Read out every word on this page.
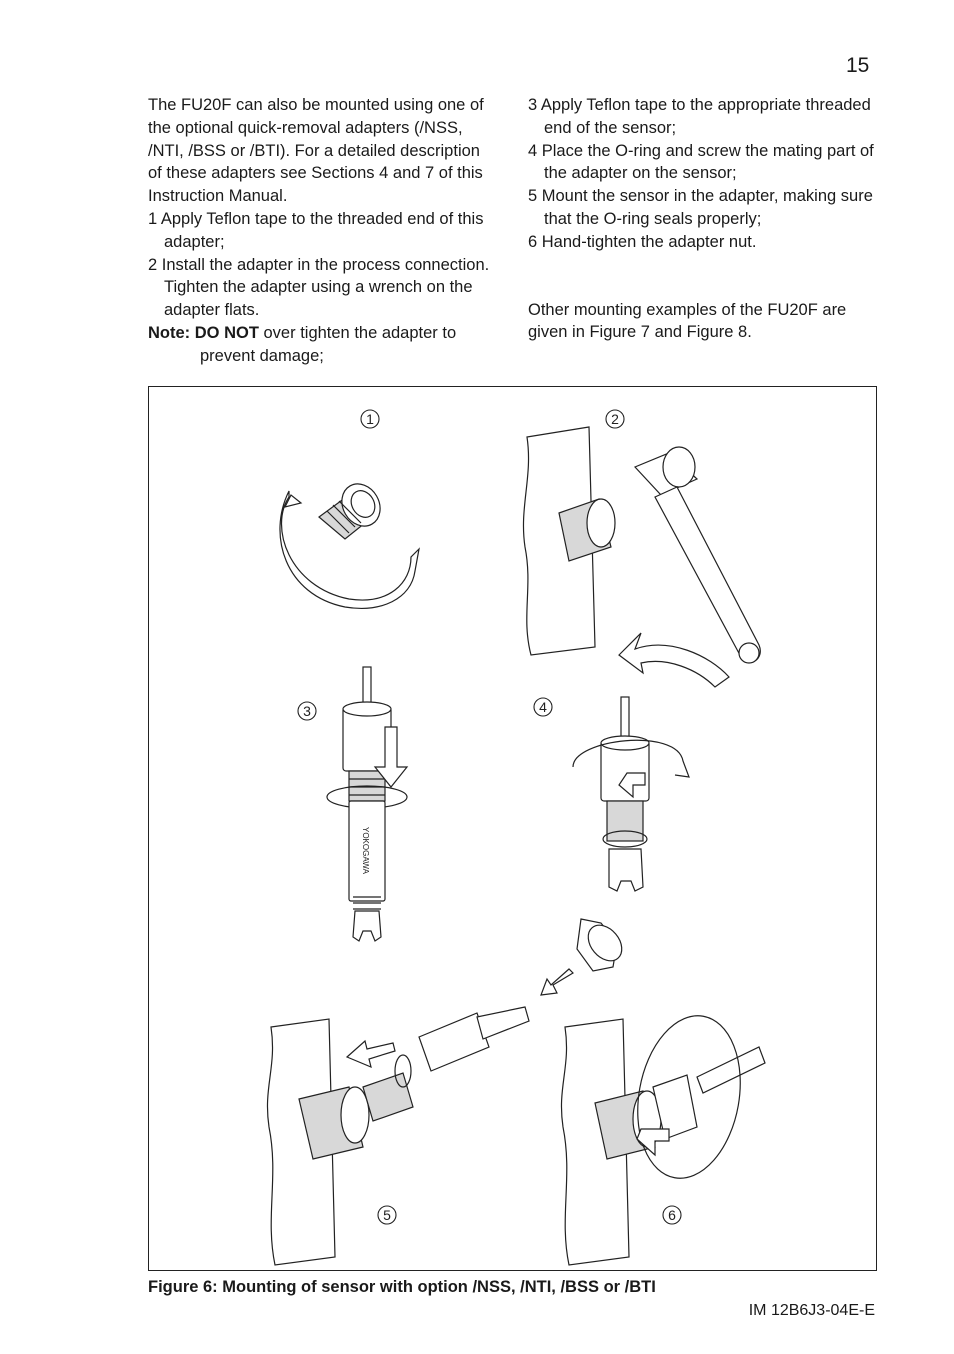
15

The FU20F can also be mounted using one of the optional quick-removal adapters (/NSS, /NTI, /BSS or /BTI). For a detailed description of these adapters see Sections 4 and 7 of this Instruction Manual.

1 Apply Teflon tape to the threaded end of this adapter;

2 Install the adapter in the process connection. Tighten the adapter using a wrench on the adapter flats.

Note: DO NOT over tighten the adapter to prevent damage;

3 Apply Teflon tape to the appropriate threaded end of the sensor;

4 Place the O-ring and screw the mating part of the adapter on the sensor;

5 Mount the sensor in the adapter, making sure that the O-ring seals properly;

6 Hand-tighten the adapter nut.

Other mounting examples of the FU20F are given in Figure 7 and Figure 8.

1	2
3	4
5	6
YOKOGAWA
Figure 6: Mounting of sensor with option /NSS, /NTI, /BSS or /BTI
IM 12B6J3-04E-E
